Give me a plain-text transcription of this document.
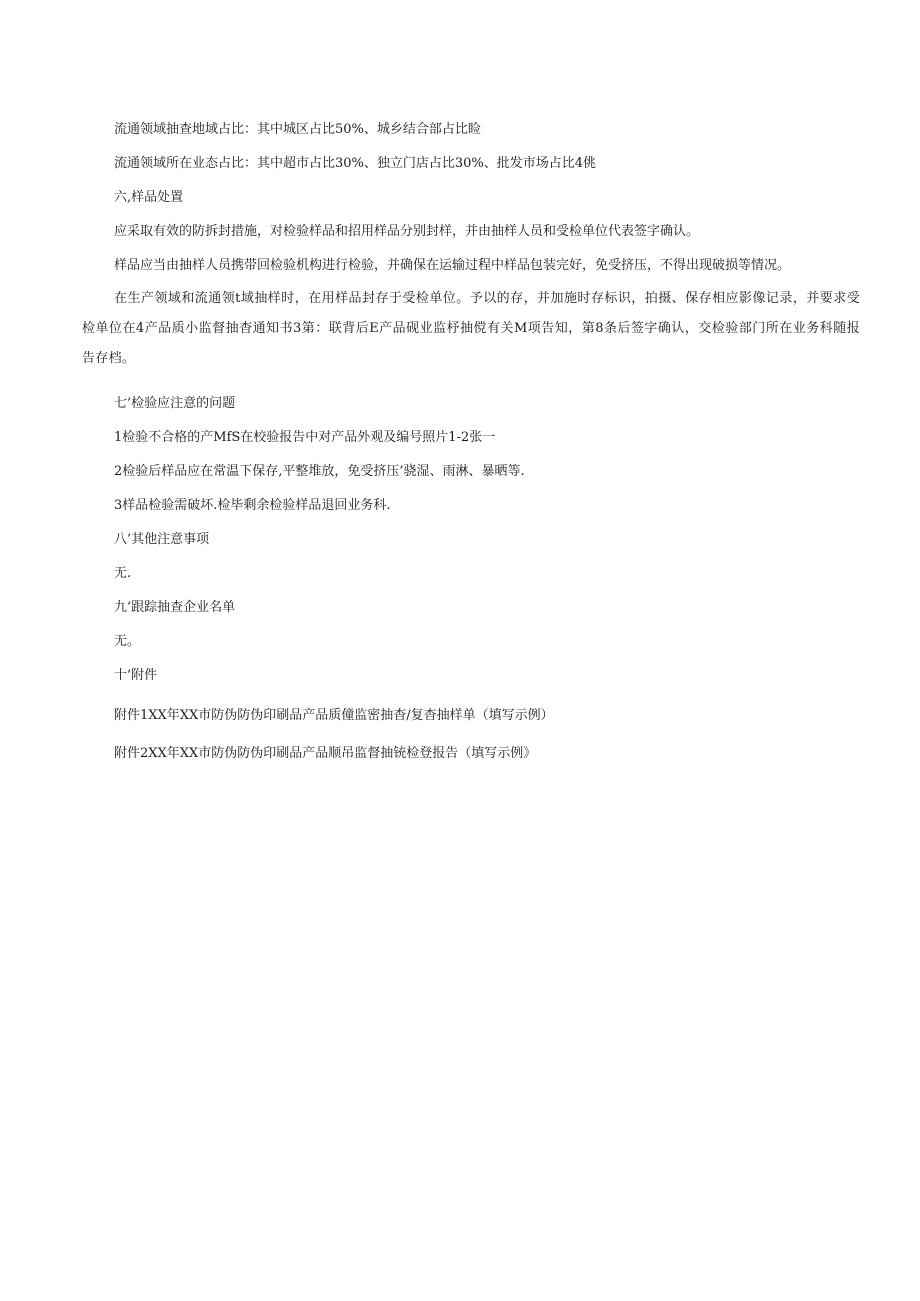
流通领域抽查地域占比：其中城区占比50%、城乡结合部占比睑
流通领域所在业态占比：其中超市占比30%、独立门店占比30%、批发市场占比4佻
六,样品处置
应采取有效的防拆封措施，对检验样品和招用样品分别封样，并由抽样人员和受检单位代表签字确认。
样品应当由抽样人员携带回检验机构进行检验，并确保在运输过程中样品包装完好，免受挤压，不得出现破损等情况。
在生产领域和流通领t域抽样时，在用样品封存于受检单位。予以的存，并加施时存标识，拍摄、保存相应影像记录，并要求受检单位在4产品质小监督抽杳通知书3第：联背后E产品砚业监杼抽傥有关M项告知，第8条后签字确认，交检验部门所在业务科随报告存档。
七’检验应注意的问题
1检验不合格的产MfS在校验报告中对产品外观及编号照片1-2张一
2检验后样品应在常温下保存,平整堆放，免受挤压’骁湿、雨淋、暴晒等.
3样品检验需破坏.检毕剩余检验样品退回业务科.
八’其他注意事项
无.
九’跟踪抽查企业名单
无。
十’附件
附件1XX年XX市防伪防伪印刷品产品质僮监密抽杳/复杳抽样单（填写示例）
附件2XX年XX市防伪防伪印刷品产品顺吊监督抽铳检登报告（填写示例》
